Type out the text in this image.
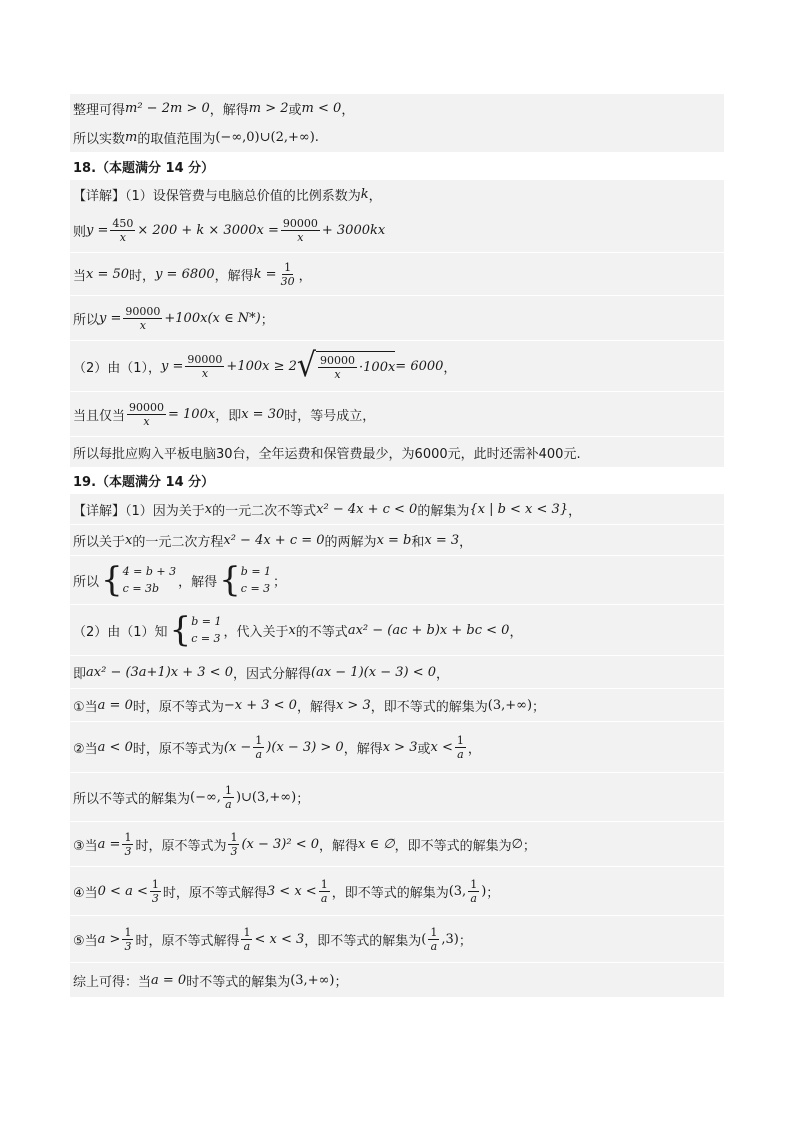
整理可得 m² − 2m > 0 ，解得 m > 2 或 m < 0 ，
所以实数 m 的取值范围为 (−∞,0)∪(2,+∞) .
18.（本题满分 14 分）
【详解】（1）设保管费与电脑总价值的比例系数为 k ，
则 $y = \frac{450}{x} \times 200 + k \times 3000x = \frac{90000}{x} + 3000kx$
当 x = 50 时， y = 6800 ，解得 $k = \frac{1}{30}$ ，
所以 $y = \frac{90000}{x} +100x$ (x ∈ N*) ；
（2）由（1）， $y = \frac{90000}{x} +100x \ge 2$ √ $\frac{90000}{x} \cdot 100x = 6000$ ，
当且仅当 $\frac{90000}{x} = 100x$ ，即 x = 30 时，等号成立，
所以每批应购入平板电脑30台，全年运费和保管费最少，为6000元，此时还需补400元.
19.（本题满分 14 分）
【详解】（1）因为关于 x 的一元二次不等式 x² − 4x + c < 0 的解集为 {x | b < x < 3} ，
所以关于 x 的一元二次方程 x² − 4x + c = 0 的两解为 x = b 和 x = 3 ，
所以 { 4 = b + 3
c = 3b	，解得 { b = 1
c = 3 ；
（2）由（1）知 { b = 1
c = 3 ，代入关于 x 的不等式 ax² − (ac + b)x + bc < 0 ，
即 ax² − (3a+1)x + 3 < 0 ，因式分解得 (ax − 1)(x − 3) < 0 ，
①当 a = 0 时，原不等式为 −x + 3 < 0 ，解得 x > 3 ，即不等式的解集为 (3,+∞) ；
②当 a < 0 时，原不等式为 $(x - \frac{1}{a} )(x - 3) > 0$ ，解得 x > 3 或 $x < \frac{1}{a}$ ，
所以不等式的解集为 (−∞, $\frac{1}{a}$ )∪(3,+∞) ；
③当 $a = \frac{1}{3}$ 时，原不等式为 $\frac{1}{3} (x - 3)^2 < 0$ ，解得 x ∈ ∅ ，即不等式的解集为 ∅ ；
④当 $0 < a < \frac{1}{3}$ 时，原不等式解得 $3 < x < \frac{1}{a}$ ，即不等式的解集为 (3, $\frac{1}{a}$ ) ；
⑤当 $a > \frac{1}{3}$ 时，原不等式解得 $\frac{1}{a} < x < 3$ ，即不等式的解集为 ( $\frac{1}{a} ,3$) ；
综上可得：当 a = 0 时不等式的解集为 (3,+∞) ；
